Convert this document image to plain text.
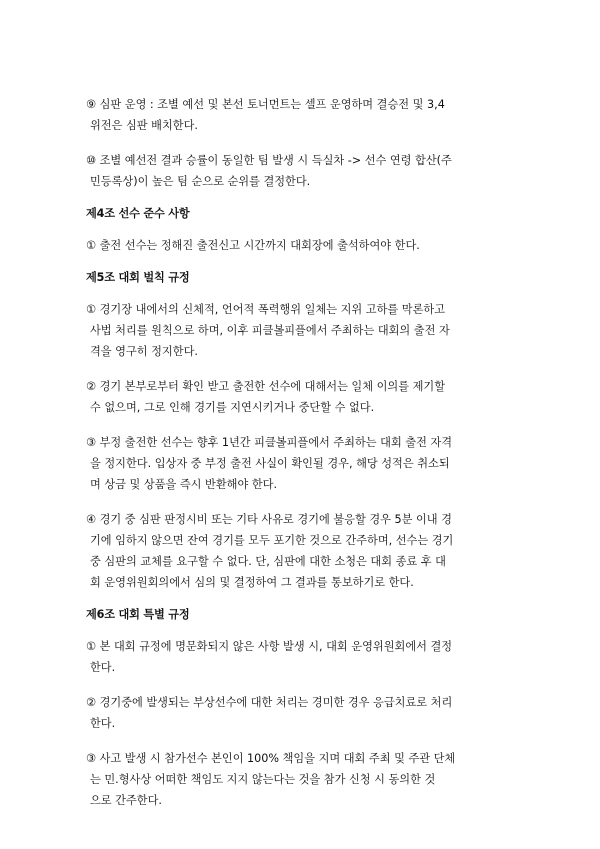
⑨ 심판 운영 : 조별 예선 및 본선 토너먼트는 셀프 운영하며 결승전 및 3,4
위전은 심판 배치한다.

⑩ 조별 예선전 결과 승률이 동일한 팀 발생 시 득실차 -> 선수 연령 합산(주
민등록상)이 높은 팀 순으로 순위를 결정한다.

제4조 선수 준수 사항

① 출전 선수는 정해진 출전신고 시간까지 대회장에 출석하여야 한다.

제5조 대회 벌칙 규정

① 경기장 내에서의 신체적, 언어적 폭력행위 일체는 지위 고하를 막론하고
사법 처리를 원칙으로 하며, 이후 피클볼피플에서 주최하는 대회의 출전 자
격을 영구히 정지한다.

② 경기 본부로부터 확인 받고 출전한 선수에 대해서는 일체 이의를 제기할
수 없으며, 그로 인해 경기를 지연시키거나 중단할 수 없다.

③ 부정 출전한 선수는 향후 1년간 피클볼피플에서 주최하는 대회 출전 자격
을 정지한다. 입상자 중 부정 출전 사실이 확인될 경우, 해당 성적은 취소되
며 상금 및 상품을 즉시 반환해야 한다.

④ 경기 중 심판 판정시비 또는 기타 사유로 경기에 불응할 경우 5분 이내 경
기에 임하지 않으면 잔여 경기를 모두 포기한 것으로 간주하며, 선수는 경기
중 심판의 교체를 요구할 수 없다. 단, 심판에 대한 소청은 대회 종료 후 대
회 운영위원회의에서 심의 및 결정하여 그 결과를 통보하기로 한다.

제6조 대회 특별 규정

① 본 대회 규정에 명문화되지 않은 사항 발생 시, 대회 운영위원회에서 결정
한다.

② 경기중에 발생되는 부상선수에 대한 처리는 경미한 경우 응급치료로 처리
한다.

③ 사고 발생 시 참가선수 본인이 100% 책임을 지며 대회 주최 및 주관 단체
는 민.형사상 어떠한 책임도 지지 않는다는 것을 참가 신청 시 동의한 것
으로 간주한다.
